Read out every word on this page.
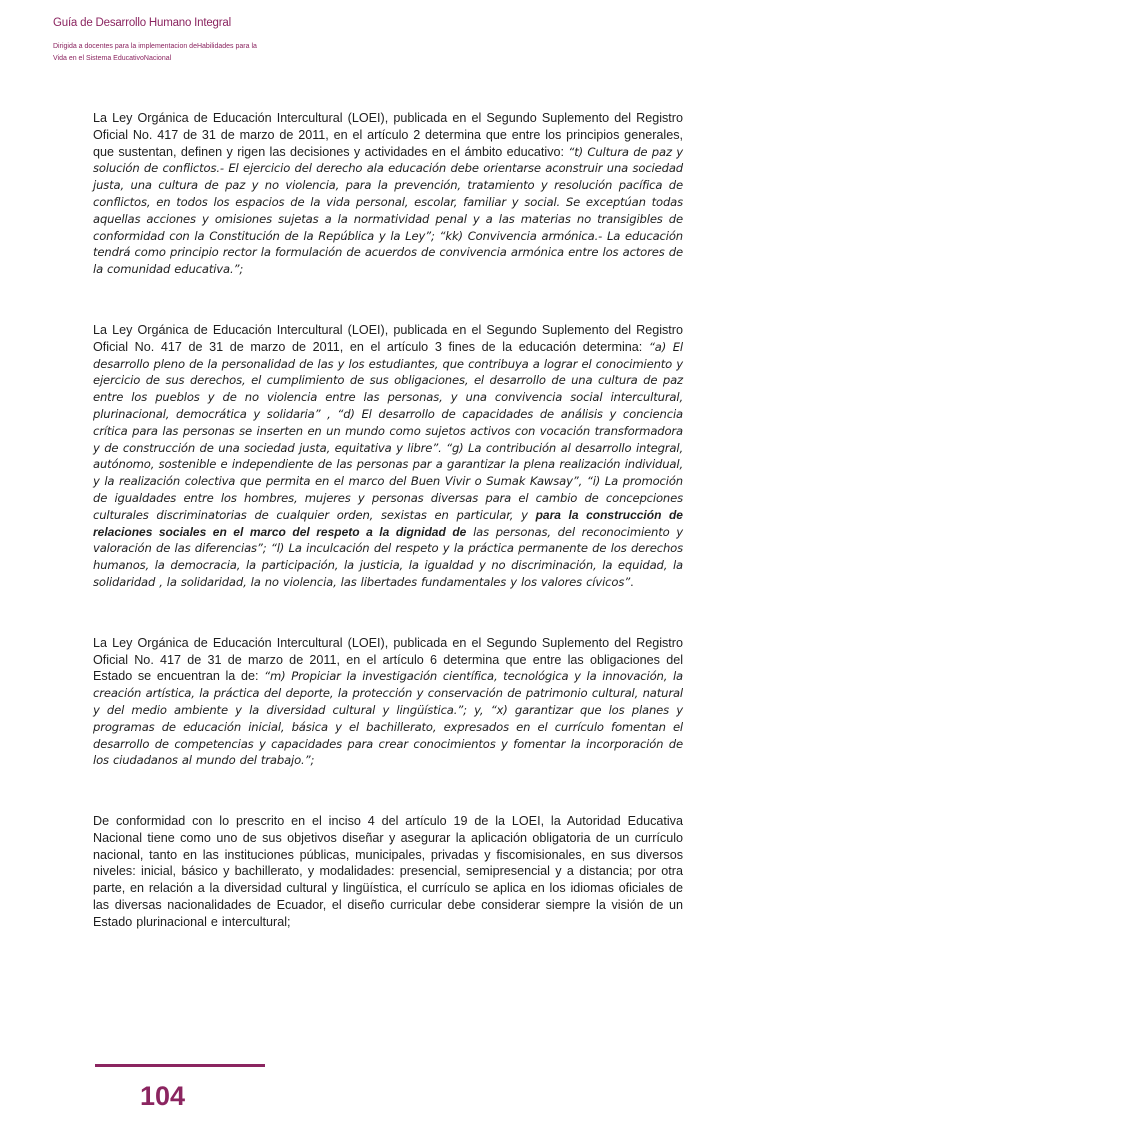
Guía de Desarrollo Humano Integral

Dirigida a docentes para la implementacion deHabilidades para la
Vida en el Sistema EducativoNacional

La Ley Orgánica de Educación Intercultural (LOEI), publicada en el Segundo Suplemento del Registro Oficial No. 417 de 31 de marzo de 2011, en el artículo 2 determina que entre los principios generales, que sustentan, definen y rigen las decisiones y actividades en el ámbito educativo: “t) Cultura de paz y solución de conflictos.- El ejercicio del derecho ala educación debe orientarse aconstruir una sociedad justa, una cultura de paz y no violencia, para la prevención, tratamiento y resolución pacífica de conflictos, en todos los espacios de la vida personal, escolar, familiar y social. Se exceptúan todas aquellas acciones y omisiones sujetas a la normatividad penal y a las materias no transigibles de conformidad con la Constitución de la República y la Ley”; “kk) Convivencia armónica.- La educación tendrá como principio rector la formulación de acuerdos de convivencia armónica entre los actores de la comunidad educativa.”;

La Ley Orgánica de Educación Intercultural (LOEI), publicada en el Segundo Suplemento del Registro Oficial No. 417 de 31 de marzo de 2011, en el artículo 3 fines de la educación determina: “a) El desarrollo pleno de la personalidad de las y los estudiantes, que contribuya a lograr el conocimiento y ejercicio de sus derechos, el cumplimiento de sus obligaciones, el desarrollo de una cultura de paz entre los pueblos y de no violencia entre las personas, y una convivencia social intercultural, plurinacional, democrática y solidaria” , “d) El desarrollo de capacidades de análisis y conciencia crítica para las personas se inserten en un mundo como sujetos activos con vocación transformadora y de construcción de una sociedad justa, equitativa y libre”. “g) La contribución al desarrollo integral, autónomo, sostenible e independiente de las personas par a garantizar la plena realización individual, y la realización colectiva que permita en el marco del Buen Vivir o Sumak Kawsay”, “i) La promoción de igualdades entre los hombres, mujeres y personas diversas para el cambio de concepciones culturales discriminatorias de cualquier orden, sexistas en particular, y para la construcción de relaciones sociales en el marco del respeto a la dignidad de las personas, del reconocimiento y valoración de las diferencias”; “l) La inculcación del respeto y la práctica permanente de los derechos humanos, la democracia, la participación, la justicia, la igualdad y no discriminación, la equidad, la solidaridad , la solidaridad, la no violencia, las libertades fundamentales y los valores cívicos”.

La Ley Orgánica de Educación Intercultural (LOEI), publicada en el Segundo Suplemento del Registro Oficial No. 417 de 31 de marzo de 2011, en el artículo 6 determina que entre las obligaciones del Estado se encuentran la de: “m) Propiciar la investigación científica, tecnológica y la innovación, la creación artística, la práctica del deporte, la protección y conservación de patrimonio cultural, natural y del medio ambiente y la diversidad cultural y lingüística.”; y, “x) garantizar que los planes y programas de educación inicial, básica y el bachillerato, expresados en el currículo fomentan el desarrollo de competencias y capacidades para crear conocimientos y fomentar la incorporación de los ciudadanos al mundo del trabajo.”;

De conformidad con lo prescrito en el inciso 4 del artículo 19 de la LOEI, la Autoridad Educativa Nacional tiene como uno de sus objetivos diseñar y asegurar la aplicación obligatoria de un currículo nacional, tanto en las instituciones públicas, municipales, privadas y fiscomisionales, en sus diversos niveles: inicial, básico y bachillerato, y modalidades: presencial, semipresencial y a distancia; por otra parte, en relación a la diversidad cultural y lingüística, el currículo se aplica en los idiomas oficiales de las diversas nacionalidades de Ecuador, el diseño curricular debe considerar siempre la visión de un Estado plurinacional e intercultural;

104
